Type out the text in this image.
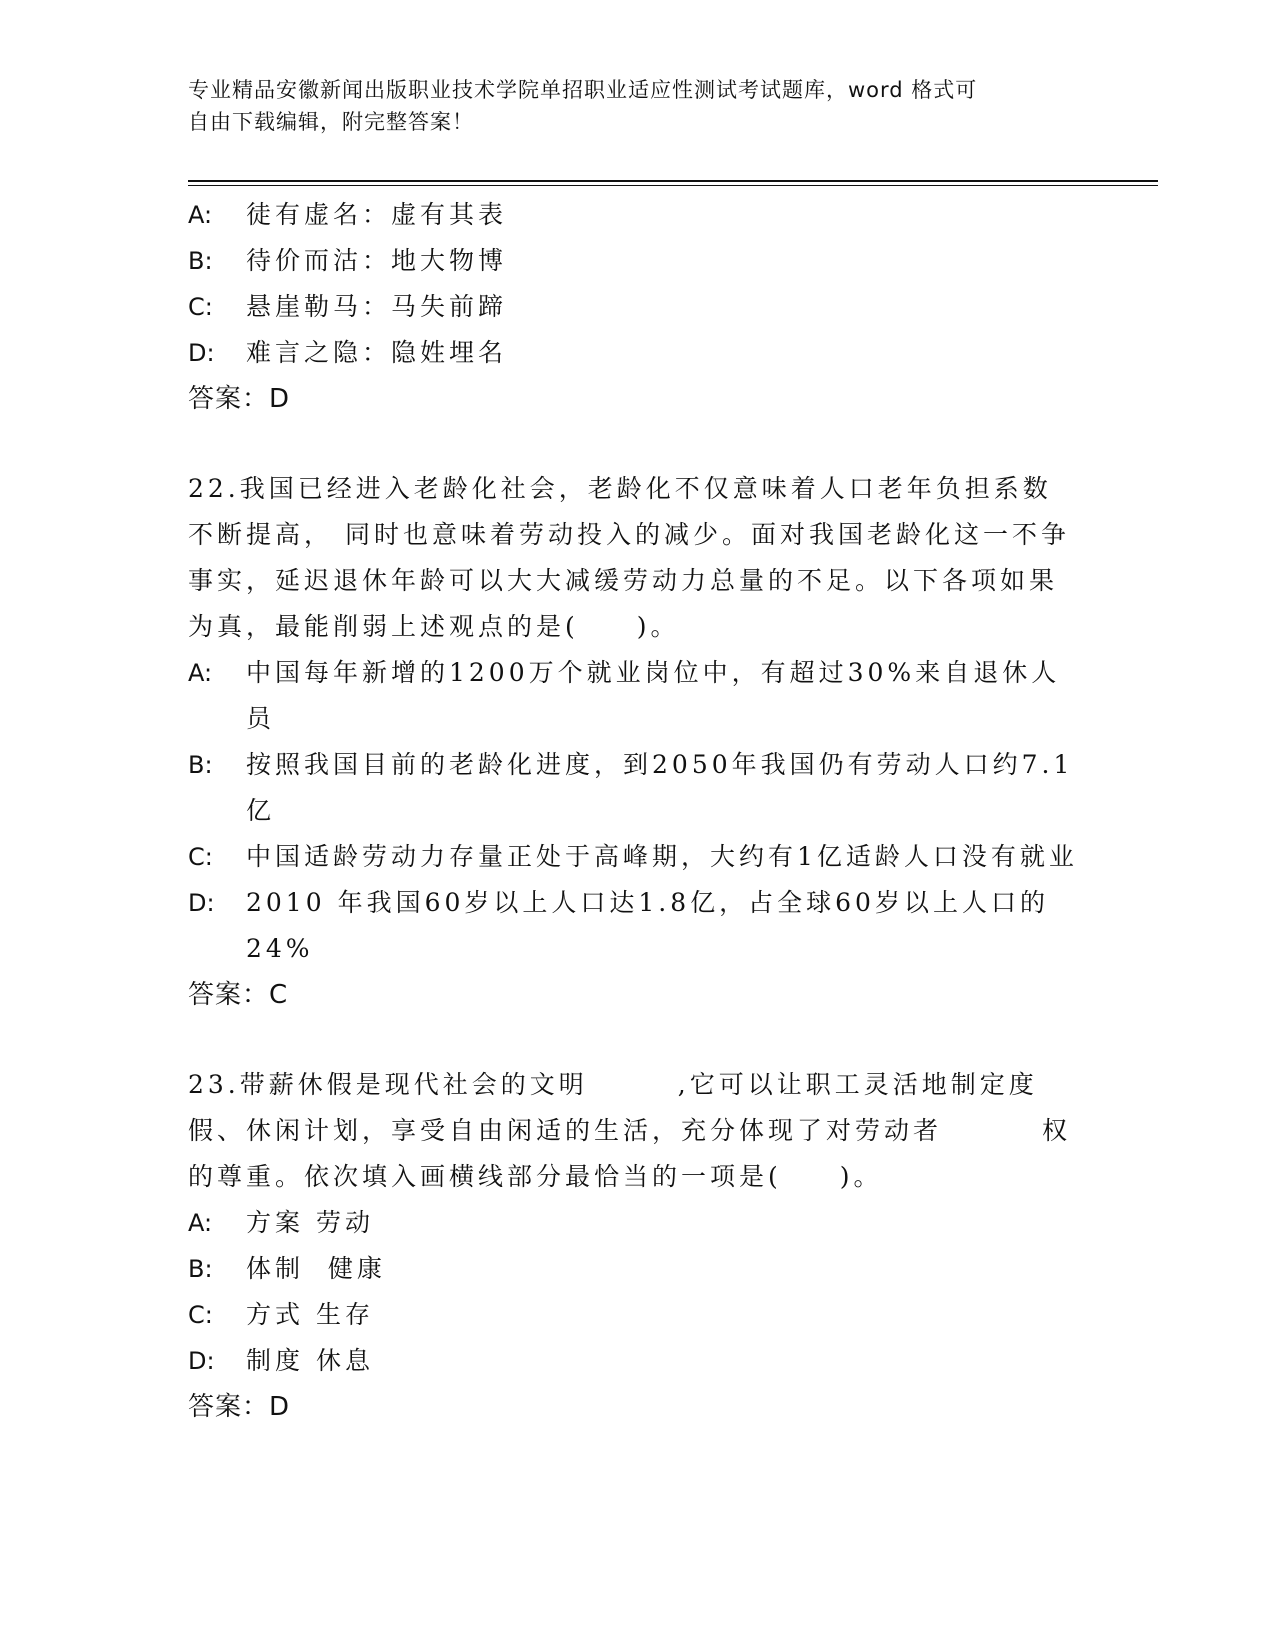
专业精品安徽新闻出版职业技术学院单招职业适应性测试考试题库，word 格式可
自由下载编辑，附完整答案！
A:	徒有虚名：虚有其表
B:	待价而沽：地大物博
C:	悬崖勒马：马失前蹄
D:	难言之隐：隐姓埋名
答案：D
22.我国已经进入老龄化社会，老龄化不仅意味着人口老年负担系数不断提高， 同时也意味着劳动投入的减少。面对我国老龄化这一不争事实，延迟退休年龄可以大大减缓劳动力总量的不足。以下各项如果为真，最能削弱上述观点的是(　　)。
A:	中国每年新增的1200万个就业岗位中，有超过30%来自退休人员
B:	按照我国目前的老龄化进度，到2050年我国仍有劳动人口约7.1亿
C:	中国适龄劳动力存量正处于高峰期，大约有1亿适龄人口没有就业
D:	2010 年我国60岁以上人口达1.8亿，占全球60岁以上人口的24%
答案：C
23.带薪休假是现代社会的文明	,它可以让职工灵活地制定度假、休闲计划，享受自由闲适的生活，充分体现了对劳动者	权的尊重。依次填入画横线部分最恰当的一项是(　　)。
A:	方案 劳动
B:	体制  健康
C:	方式 生存
D:	制度 休息
答案：D
